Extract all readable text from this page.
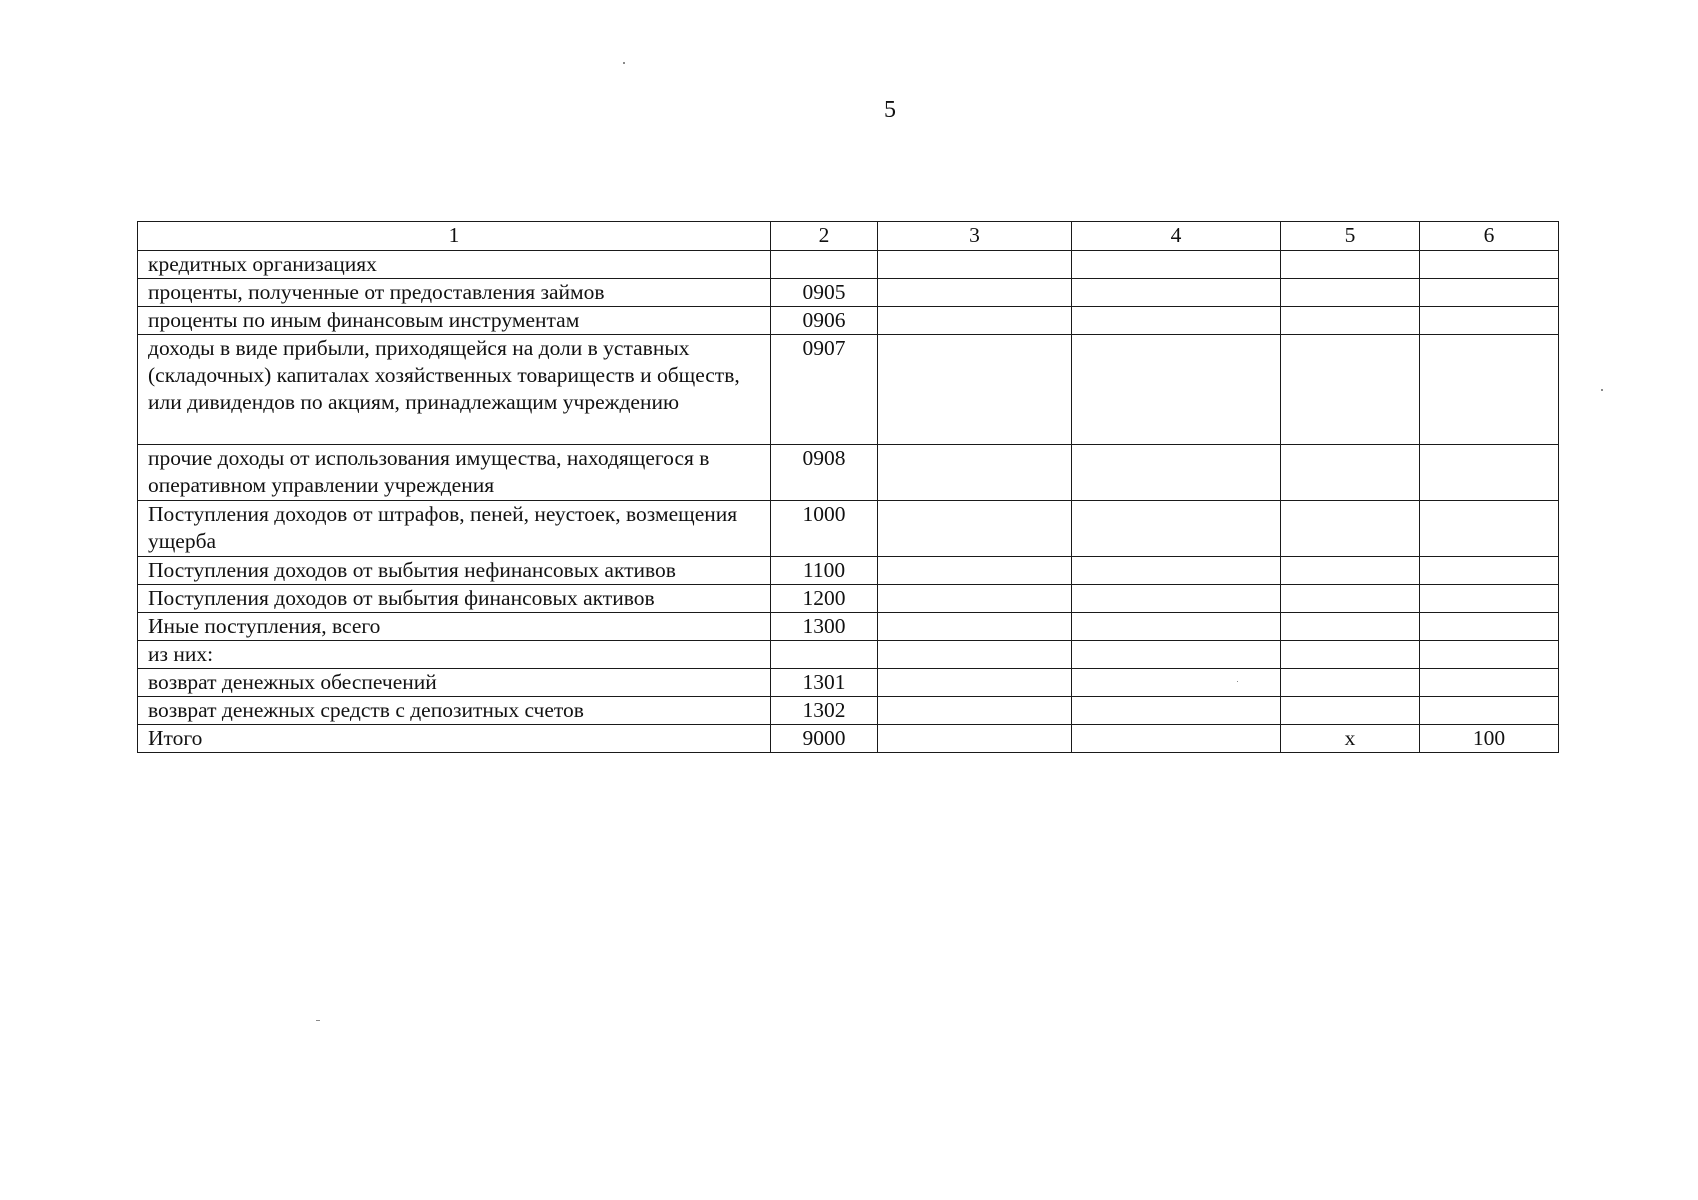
5
1	2	3	4	5	6
кредитных организациях					
проценты, полученные от предоставления займов	0905				
проценты по иным финансовым инструментам	0906				
доходы в виде прибыли, приходящейся на доли в уставных (складочных) капиталах хозяйственных товариществ и обществ, или дивидендов по акциям, принадлежащим учреждению	0907				
прочие доходы от использования имущества, находящегося в оперативном управлении учреждения	0908				
Поступления доходов от штрафов, пеней, неустоек, возмещения ущерба	1000				
Поступления доходов от выбытия нефинансовых активов	1100				
Поступления доходов от выбытия финансовых активов	1200				
Иные поступления, всего	1300				
из них:					
возврат денежных обеспечений	1301				
возврат денежных средств с депозитных счетов	1302				
Итого	9000			х	100
